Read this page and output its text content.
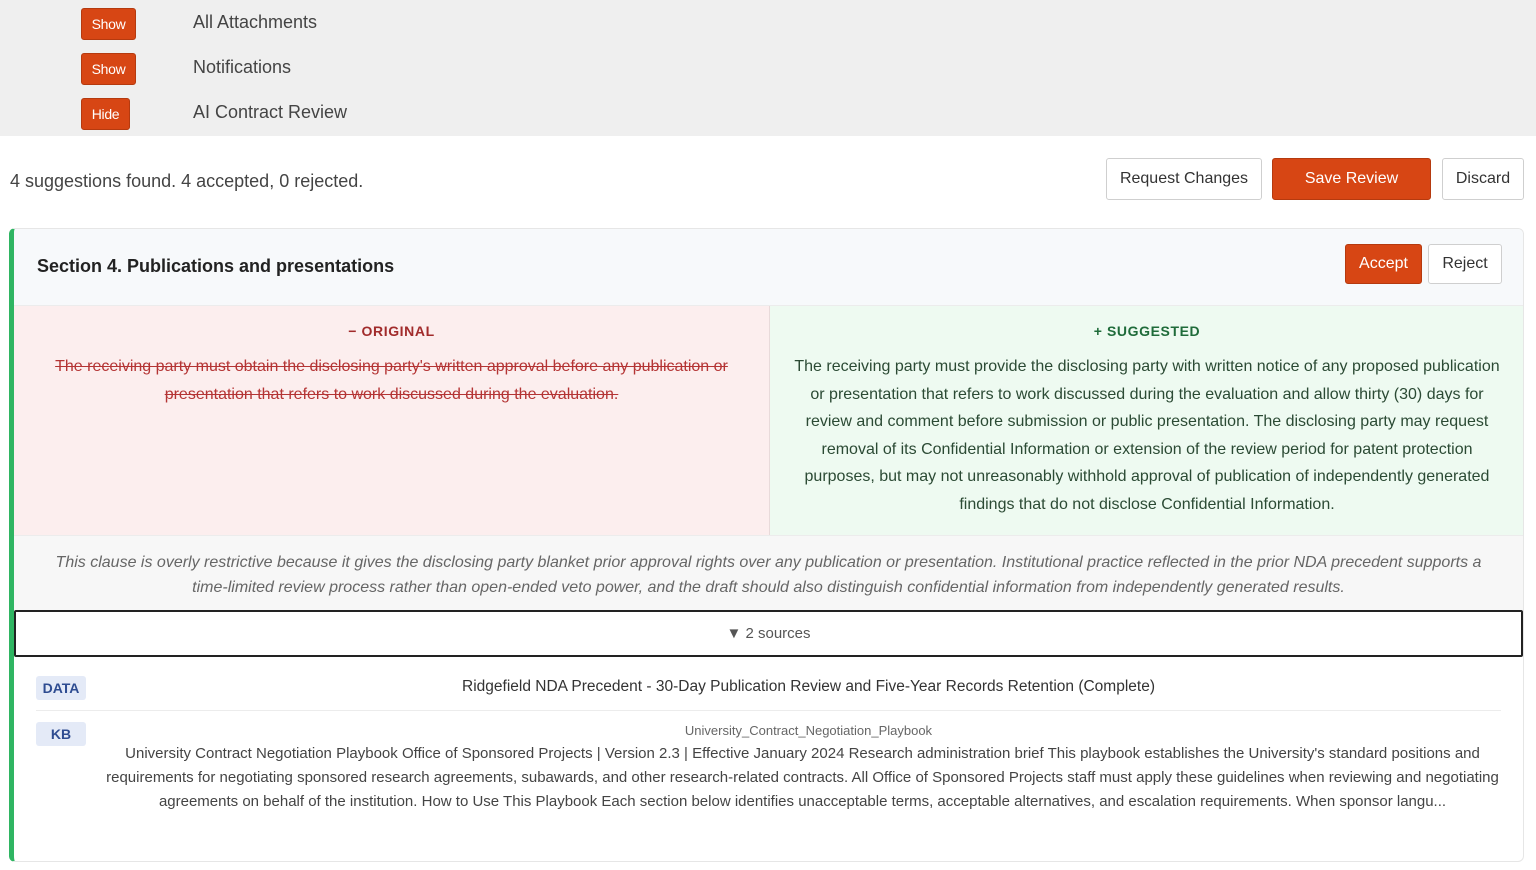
Show	All Attachments
Show	Notifications
Hide	AI Contract Review
4 suggestions found. 4 accepted, 0 rejected.	Request Changes	Save Review	Discard
Section 4. Publications and presentations	Accept	Reject
− ORIGINAL
The receiving party must obtain the disclosing party's written approval before any publication or presentation that refers to work discussed during the evaluation.
+ SUGGESTED
The receiving party must provide the disclosing party with written notice of any proposed publication or presentation that refers to work discussed during the evaluation and allow thirty (30) days for review and comment before submission or public presentation. The disclosing party may request removal of its Confidential Information or extension of the review period for patent protection purposes, but may not unreasonably withhold approval of publication of independently generated findings that do not disclose Confidential Information.
This clause is overly restrictive because it gives the disclosing party blanket prior approval rights over any publication or presentation. Institutional practice reflected in the prior NDA precedent supports a time-limited review process rather than open-ended veto power, and the draft should also distinguish confidential information from independently generated results.
▼ 2 sources
DATA	Ridgefield NDA Precedent - 30-Day Publication Review and Five-Year Records Retention (Complete)
KB	University_Contract_Negotiation_Playbook
University Contract Negotiation Playbook Office of Sponsored Projects | Version 2.3 | Effective January 2024 Research administration brief This playbook establishes the University's standard positions and requirements for negotiating sponsored research agreements, subawards, and other research-related contracts. All Office of Sponsored Projects staff must apply these guidelines when reviewing and negotiating agreements on behalf of the institution. How to Use This Playbook Each section below identifies unacceptable terms, acceptable alternatives, and escalation requirements. When sponsor langu...
